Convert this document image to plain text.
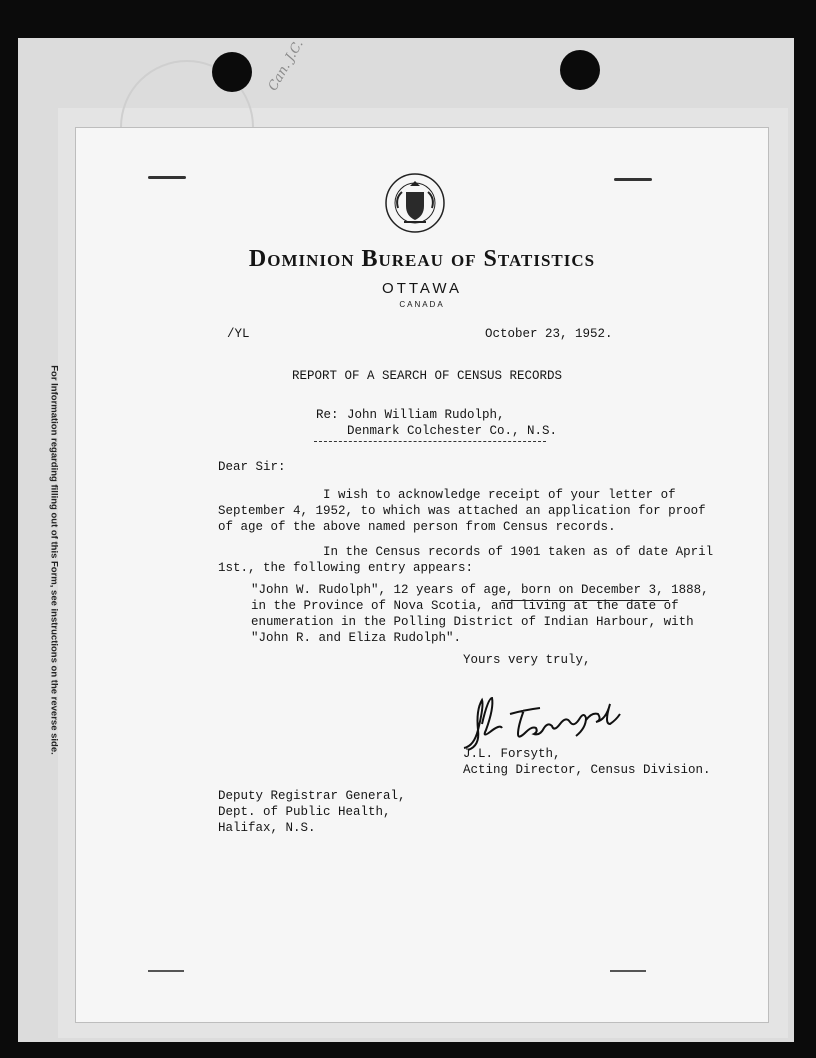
Can. J.C.
For Information regarding filling out of this Form, see instructions on the reverse side.
Dominion Bureau of Statistics
OTTAWA
CANADA
/YL	October 23, 1952.
REPORT OF A SEARCH OF CENSUS RECORDS
Re: John William Rudolph,
Denmark Colchester Co., N.S.
Dear Sir:
I wish to acknowledge receipt of your letter of
September 4, 1952, to which was attached an application for proof
of age of the above named person from Census records.
In the Census records of 1901 taken as of date April
1st., the following entry appears:
"John W. Rudolph", 12 years of age, born on December 3, 1888,
in the Province of Nova Scotia, and living at the date of
enumeration in the Polling District of Indian Harbour, with
"John R. and Eliza Rudolph".
Yours very truly,
J.L. Forsyth,
Acting Director, Census Division.
Deputy Registrar General,
Dept. of Public Health,
Halifax, N.S.
